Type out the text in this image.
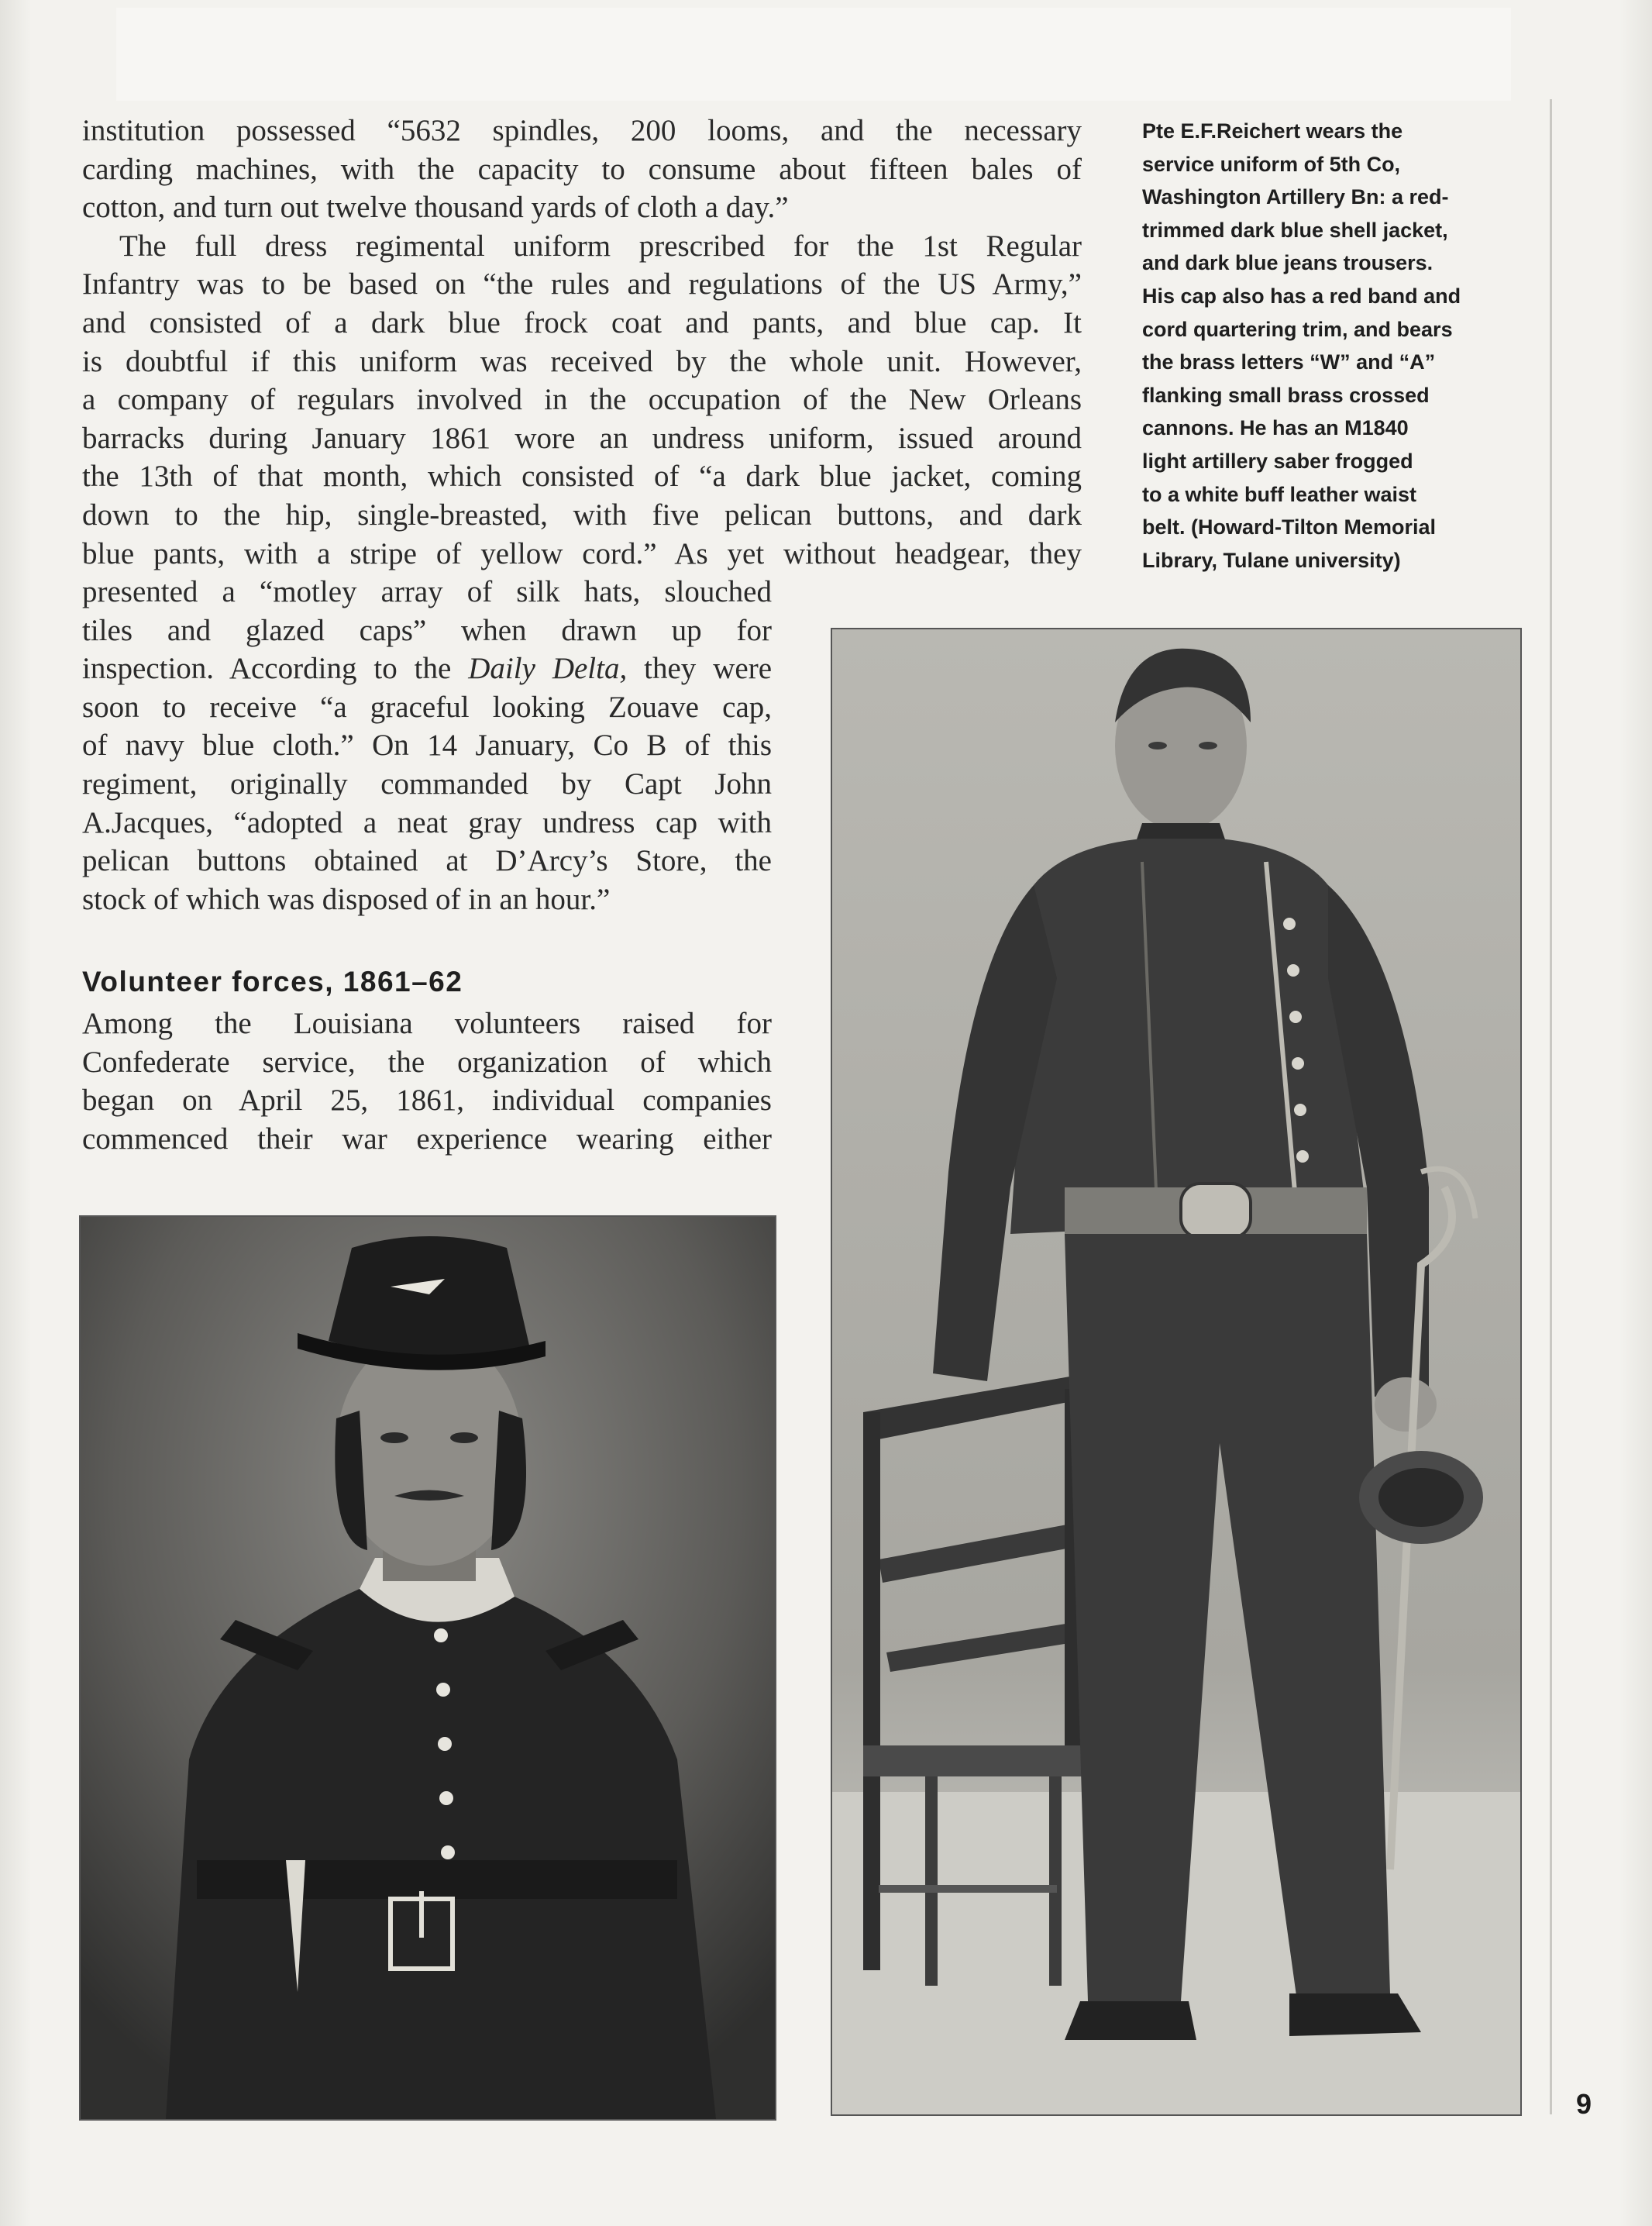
institution possessed “5632 spindles, 200 looms, and the necessary
carding machines, with the capacity to consume about fifteen bales of
cotton, and turn out twelve thousand yards of cloth a day.”
The full dress regimental uniform prescribed for the 1st Regular
Infantry was to be based on “the rules and regulations of the US Army,”
and consisted of a dark blue frock coat and pants, and blue cap. It
is doubtful if this uniform was received by the whole unit. However,
a company of regulars involved in the occupation of the New Orleans
barracks during January 1861 wore an undress uniform, issued around
the 13th of that month, which consisted of “a dark blue jacket, coming
down to the hip, single-breasted, with five pelican buttons, and dark
blue pants, with a stripe of yellow cord.” As yet without headgear, they
presented a “motley array of silk hats, slouched
tiles and glazed caps” when drawn up for
inspection. According to the Daily Delta, they were
soon to receive “a graceful looking Zouave cap,
of navy blue cloth.” On 14 January, Co B of this
regiment, originally commanded by Capt John
A.Jacques, “adopted a neat gray undress cap with
pelican buttons obtained at D’Arcy’s Store, the
stock of which was disposed of in an hour.”
Volunteer forces, 1861–62
Among the Louisiana volunteers raised for
Confederate service, the organization of which
began on April 25, 1861, individual companies
commenced their war experience wearing either
Pte E.F.Reichert wears the
service uniform of 5th Co,
Washington Artillery Bn: a red-
trimmed dark blue shell jacket,
and dark blue jeans trousers.
His cap also has a red band and
cord quartering trim, and bears
the brass letters “W” and “A”
flanking small brass crossed
cannons. He has an M1840
light artillery saber frogged
to a white buff leather waist
belt. (Howard-Tilton Memorial
Library, Tulane university)
9
